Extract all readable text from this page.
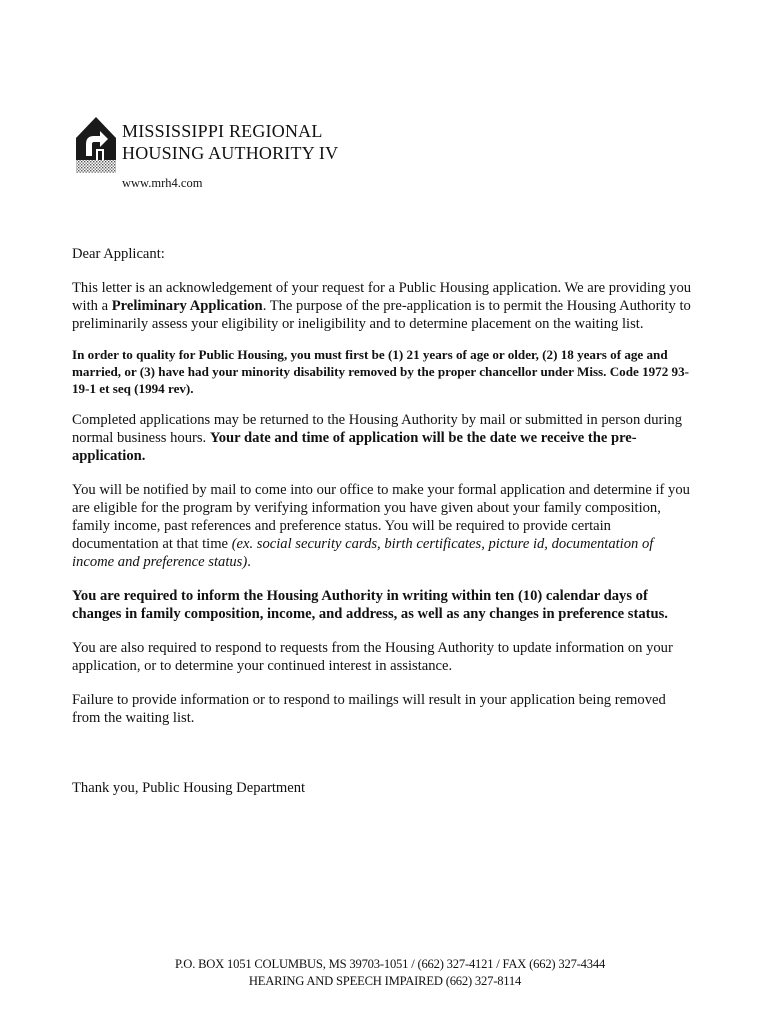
MISSISSIPPI REGIONAL
HOUSING AUTHORITY IV
www.mrh4.com

Dear Applicant:

This letter is an acknowledgement of your request for a Public Housing application. We are providing you with a Preliminary Application. The purpose of the pre-application is to permit the Housing Authority to preliminarily assess your eligibility or ineligibility and to determine placement on the waiting list.

In order to quality for Public Housing, you must first be (1) 21 years of age or older, (2) 18 years of age and married, or (3) have had your minority disability removed by the proper chancellor under Miss. Code 1972 93-19-1 et seq (1994 rev).

Completed applications may be returned to the Housing Authority by mail or submitted in person during normal business hours. Your date and time of application will be the date we receive the pre-application.

You will be notified by mail to come into our office to make your formal application and determine if you are eligible for the program by verifying information you have given about your family composition, family income, past references and preference status. You will be required to provide certain documentation at that time (ex. social security cards, birth certificates, picture id, documentation of income and preference status).

You are required to inform the Housing Authority in writing within ten (10) calendar days of changes in family composition, income, and address, as well as any changes in preference status.

You are also required to respond to requests from the Housing Authority to update information on your application, or to determine your continued interest in assistance.

Failure to provide information or to respond to mailings will result in your application being removed from the waiting list.

Thank you, Public Housing Department

P.O. BOX 1051 COLUMBUS, MS 39703-1051 / (662) 327-4121 / FAX (662) 327-4344
HEARING AND SPEECH IMPAIRED (662) 327-8114
